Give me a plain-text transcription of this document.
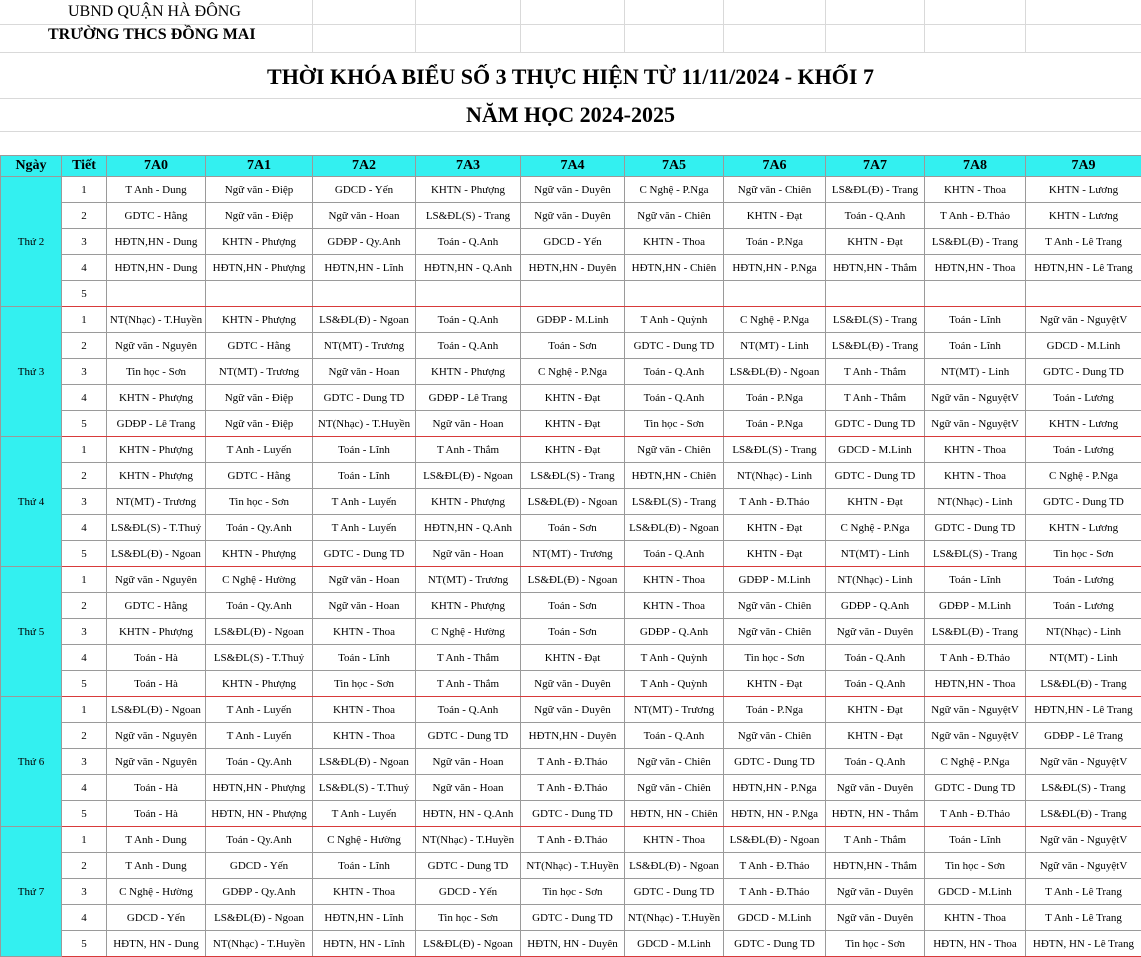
UBND QUẬN HÀ ĐÔNG
TRƯỜNG THCS ĐỒNG MAI
THỜI KHÓA BIỂU SỐ 3 THỰC HIỆN TỪ 11/11/2024 - KHỐI 7
NĂM HỌC 2024-2025
Ngày	Tiết	7A0	7A1	7A2	7A3	7A4	7A5	7A6	7A7	7A8	7A9
Thứ 2	1	T Anh - Dung	Ngữ văn - Điệp	GDCD - Yến	KHTN - Phượng	Ngữ văn - Duyên	C Nghệ - P.Nga	Ngữ văn - Chiên	LS&ĐL(Đ) - Trang	KHTN - Thoa	KHTN - Lương
	2	GDTC - Hằng	Ngữ văn - Điệp	Ngữ văn - Hoan	LS&ĐL(S) - Trang	Ngữ văn - Duyên	Ngữ văn - Chiên	KHTN - Đạt	Toán - Q.Anh	T Anh - Đ.Thảo	KHTN - Lương
	3	HĐTN,HN - Dung	KHTN - Phượng	GDĐP - Qy.Anh	Toán - Q.Anh	GDCD - Yến	KHTN - Thoa	Toán - P.Nga	KHTN - Đạt	LS&ĐL(Đ) - Trang	T Anh - Lê Trang
	4	HĐTN,HN - Dung	HĐTN,HN - Phượng	HĐTN,HN - Lĩnh	HĐTN,HN - Q.Anh	HĐTN,HN - Duyên	HĐTN,HN - Chiên	HĐTN,HN - P.Nga	HĐTN,HN - Thắm	HĐTN,HN - Thoa	HĐTN,HN - Lê Trang
	5										
Thứ 3	1	NT(Nhạc) - T.Huyền	KHTN - Phượng	LS&ĐL(Đ) - Ngoan	Toán - Q.Anh	GDĐP - M.Linh	T Anh - Quỳnh	C Nghệ - P.Nga	LS&ĐL(S) - Trang	Toán - Lĩnh	Ngữ văn - NguyệtV
	2	Ngữ văn - Nguyên	GDTC - Hằng	NT(MT) - Trương	Toán - Q.Anh	Toán - Sơn	GDTC - Dung TD	NT(MT) - Linh	LS&ĐL(Đ) - Trang	Toán - Lĩnh	GDCD - M.Linh
	3	Tin học - Sơn	NT(MT) - Trương	Ngữ văn - Hoan	KHTN - Phượng	C Nghệ - P.Nga	Toán - Q.Anh	LS&ĐL(Đ) - Ngoan	T Anh - Thắm	NT(MT) - Linh	GDTC - Dung TD
	4	KHTN - Phượng	Ngữ văn - Điệp	GDTC - Dung TD	GDĐP - Lê Trang	KHTN - Đạt	Toán - Q.Anh	Toán - P.Nga	T Anh - Thắm	Ngữ văn - NguyệtV	Toán - Lương
	5	GDĐP - Lê Trang	Ngữ văn - Điệp	NT(Nhạc) - T.Huyền	Ngữ văn - Hoan	KHTN - Đạt	Tin học - Sơn	Toán - P.Nga	GDTC - Dung TD	Ngữ văn - NguyệtV	KHTN - Lương
Thứ 4	1	KHTN - Phượng	T Anh - Luyến	Toán - Lĩnh	T Anh - Thắm	KHTN - Đạt	Ngữ văn - Chiên	LS&ĐL(S) - Trang	GDCD - M.Linh	KHTN - Thoa	Toán - Lương
	2	KHTN - Phượng	GDTC - Hằng	Toán - Lĩnh	LS&ĐL(Đ) - Ngoan	LS&ĐL(S) - Trang	HĐTN,HN - Chiên	NT(Nhạc) - Linh	GDTC - Dung TD	KHTN - Thoa	C Nghệ - P.Nga
	3	NT(MT) - Trương	Tin học - Sơn	T Anh - Luyến	KHTN - Phượng	LS&ĐL(Đ) - Ngoan	LS&ĐL(S) - Trang	T Anh - Đ.Thảo	KHTN - Đạt	NT(Nhạc) - Linh	GDTC - Dung TD
	4	LS&ĐL(S) - T.Thuỷ	Toán - Qy.Anh	T Anh - Luyến	HĐTN,HN - Q.Anh	Toán - Sơn	LS&ĐL(Đ) - Ngoan	KHTN - Đạt	C Nghệ - P.Nga	GDTC - Dung TD	KHTN - Lương
	5	LS&ĐL(Đ) - Ngoan	KHTN - Phượng	GDTC - Dung TD	Ngữ văn - Hoan	NT(MT) - Trương	Toán - Q.Anh	KHTN - Đạt	NT(MT) - Linh	LS&ĐL(S) - Trang	Tin học - Sơn
Thứ 5	1	Ngữ văn - Nguyên	C Nghệ - Hường	Ngữ văn - Hoan	NT(MT) - Trương	LS&ĐL(Đ) - Ngoan	KHTN - Thoa	GDĐP - M.Linh	NT(Nhạc) - Linh	Toán - Lĩnh	Toán - Lương
	2	GDTC - Hằng	Toán - Qy.Anh	Ngữ văn - Hoan	KHTN - Phượng	Toán - Sơn	KHTN - Thoa	Ngữ văn - Chiên	GDĐP - Q.Anh	GDĐP - M.Linh	Toán - Lương
	3	KHTN - Phượng	LS&ĐL(Đ) - Ngoan	KHTN - Thoa	C Nghệ - Hường	Toán - Sơn	GDĐP - Q.Anh	Ngữ văn - Chiên	Ngữ văn - Duyên	LS&ĐL(Đ) - Trang	NT(Nhạc) - Linh
	4	Toán - Hà	LS&ĐL(S) - T.Thuỷ	Toán - Lĩnh	T Anh - Thắm	KHTN - Đạt	T Anh - Quỳnh	Tin học - Sơn	Toán - Q.Anh	T Anh - Đ.Thảo	NT(MT) - Linh
	5	Toán - Hà	KHTN - Phượng	Tin học - Sơn	T Anh - Thắm	Ngữ văn - Duyên	T Anh - Quỳnh	KHTN - Đạt	Toán - Q.Anh	HĐTN,HN - Thoa	LS&ĐL(Đ) - Trang
Thứ 6	1	LS&ĐL(Đ) - Ngoan	T Anh - Luyến	KHTN - Thoa	Toán - Q.Anh	Ngữ văn - Duyên	NT(MT) - Trương	Toán - P.Nga	KHTN - Đạt	Ngữ văn - NguyệtV	HĐTN,HN - Lê Trang
	2	Ngữ văn - Nguyên	T Anh - Luyến	KHTN - Thoa	GDTC - Dung TD	HĐTN,HN - Duyên	Toán - Q.Anh	Ngữ văn - Chiên	KHTN - Đạt	Ngữ văn - NguyệtV	GDĐP - Lê Trang
	3	Ngữ văn - Nguyên	Toán - Qy.Anh	LS&ĐL(Đ) - Ngoan	Ngữ văn - Hoan	T Anh - Đ.Thảo	Ngữ văn - Chiên	GDTC - Dung TD	Toán - Q.Anh	C Nghệ - P.Nga	Ngữ văn - NguyệtV
	4	Toán - Hà	HĐTN,HN - Phượng	LS&ĐL(S) - T.Thuỷ	Ngữ văn - Hoan	T Anh - Đ.Thảo	Ngữ văn - Chiên	HĐTN,HN - P.Nga	Ngữ văn - Duyên	GDTC - Dung TD	LS&ĐL(S) - Trang
	5	Toán - Hà	HĐTN, HN - Phượng	T Anh - Luyến	HĐTN, HN - Q.Anh	GDTC - Dung TD	HĐTN, HN - Chiên	HĐTN, HN - P.Nga	HĐTN, HN - Thắm	T Anh - Đ.Thảo	LS&ĐL(Đ) - Trang
Thứ 7	1	T Anh - Dung	Toán - Qy.Anh	C Nghệ - Hường	NT(Nhạc) - T.Huyền	T Anh - Đ.Thảo	KHTN - Thoa	LS&ĐL(Đ) - Ngoan	T Anh - Thắm	Toán - Lĩnh	Ngữ văn - NguyệtV
	2	T Anh - Dung	GDCD - Yến	Toán - Lĩnh	GDTC - Dung TD	NT(Nhạc) - T.Huyền	LS&ĐL(Đ) - Ngoan	T Anh - Đ.Thảo	HĐTN,HN - Thắm	Tin học - Sơn	Ngữ văn - NguyệtV
	3	C Nghệ - Hường	GDĐP - Qy.Anh	KHTN - Thoa	GDCD - Yến	Tin học - Sơn	GDTC - Dung TD	T Anh - Đ.Thảo	Ngữ văn - Duyên	GDCD - M.Linh	T Anh - Lê Trang
	4	GDCD - Yến	LS&ĐL(Đ) - Ngoan	HĐTN,HN - Lĩnh	Tin học - Sơn	GDTC - Dung TD	NT(Nhạc) - T.Huyền	GDCD - M.Linh	Ngữ văn - Duyên	KHTN - Thoa	T Anh - Lê Trang
	5	HĐTN, HN - Dung	NT(Nhạc) - T.Huyền	HĐTN, HN - Lĩnh	LS&ĐL(Đ) - Ngoan	HĐTN, HN - Duyên	GDCD - M.Linh	GDTC - Dung TD	Tin học - Sơn	HĐTN, HN - Thoa	HĐTN, HN - Lê Trang
